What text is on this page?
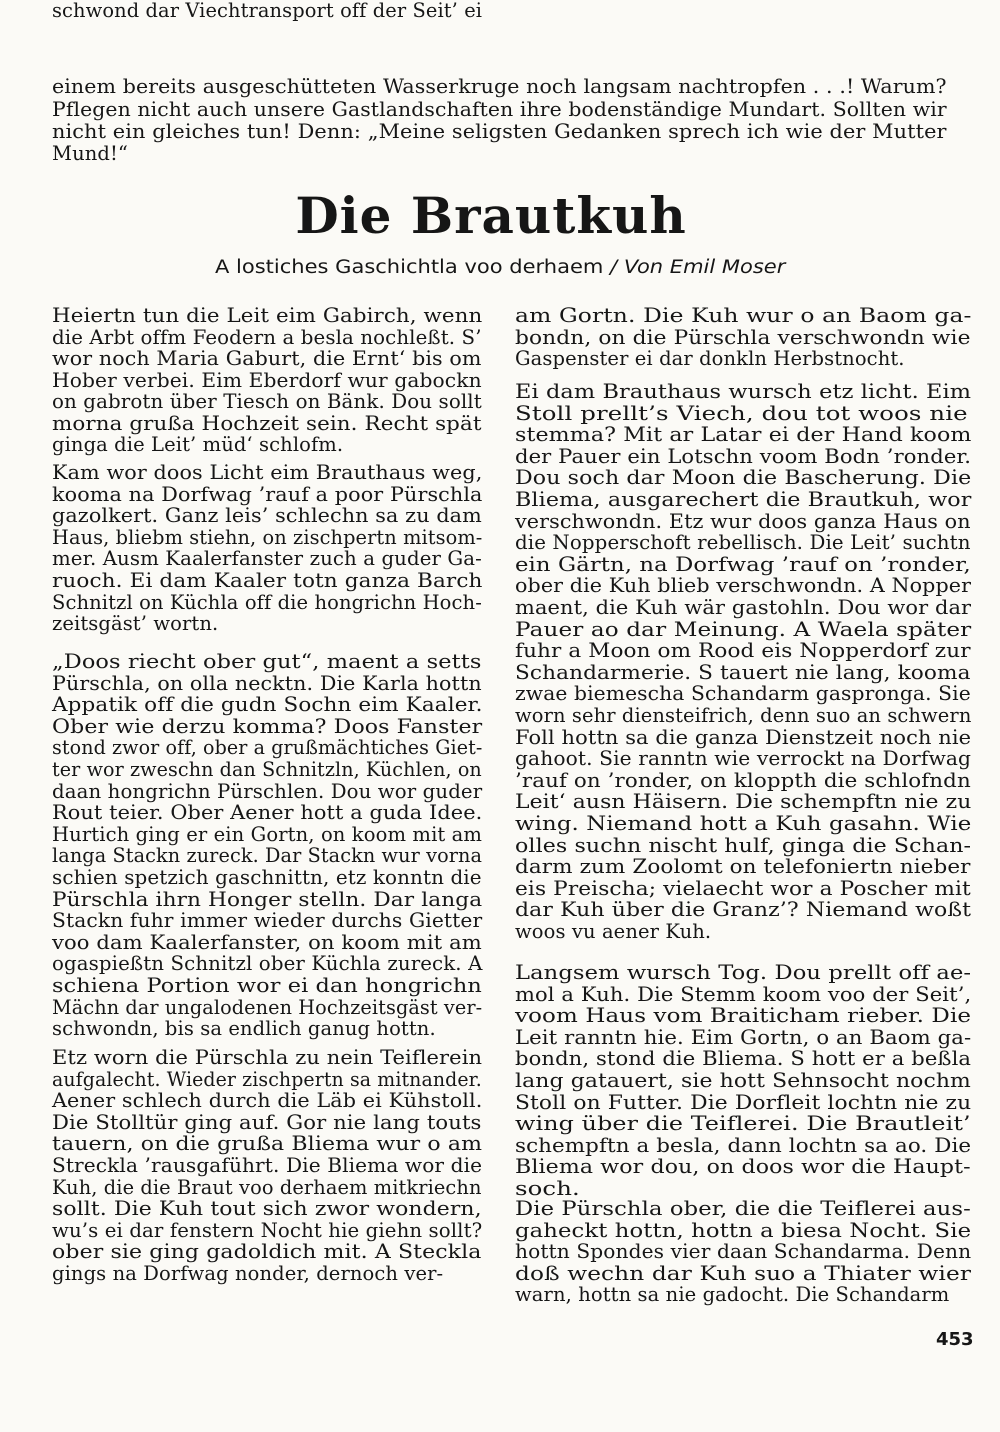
einem bereits ausgeschütteten Wasserkruge noch langsam nachtropfen . . .! Warum?
Pflegen nicht auch unsere Gastlandschaften ihre bodenständige Mundart. Sollten wir
nicht ein gleiches tun! Denn: „Meine seligsten Gedanken sprech ich wie der Mutter
Mund!“
Die Brautkuh
A lostiches Gaschichtla voo derhaem / Von Emil Moser
Heiertn tun die Leit eim Gabirch, wenn
die Arbt offm Feodern a besla nochleßt. S’
wor noch Maria Gaburt, die Ernt‘ bis om
Hober verbei. Eim Eberdorf wur gabockn
on gabrotn über Tiesch on Bänk. Dou sollt
morna grußa Hochzeit sein. Recht spät
ginga die Leit’ müd‘ schlofm.
Kam wor doos Licht eim Brauthaus weg,
kooma na Dorfwag ’rauf a poor Pürschla
gazolkert. Ganz leis’ schlechn sa zu dam
Haus, bliebm stiehn, on zischpertn mitsom-
mer. Ausm Kaalerfanster zuch a guder Ga-
ruoch. Ei dam Kaaler totn ganza Barch
Schnitzl on Küchla off die hongrichn Hoch-
zeitsgäst’ wortn.
„Doos riecht ober gut“, maent a setts
Pürschla, on olla necktn. Die Karla hottn
Appatik off die gudn Sochn eim Kaaler.
Ober wie derzu komma? Doos Fanster
stond zwor off, ober a grußmächtiches Giet-
ter wor zweschn dan Schnitzln, Küchlen, on
daan hongrichn Pürschlen. Dou wor guder
Rout teier. Ober Aener hott a guda Idee.
Hurtich ging er ein Gortn, on koom mit am
langa Stackn zureck. Dar Stackn wur vorna
schien spetzich gaschnittn, etz konntn die
Pürschla ihrn Honger stelln. Dar langa
Stackn fuhr immer wieder durchs Gietter
voo dam Kaalerfanster, on koom mit am
ogaspießtn Schnitzl ober Küchla zureck. A
schiena Portion wor ei dan hongrichn
Mächn dar ungalodenen Hochzeitsgäst ver-
schwondn, bis sa endlich ganug hottn.
Etz worn die Pürschla zu nein Teiflerein
aufgalecht. Wieder zischpertn sa mitnander.
Aener schlech durch die Läb ei Kühstoll.
Die Stolltür ging auf. Gor nie lang touts
tauern, on die grußa Bliema wur o am
Streckla ’rausgaführt. Die Bliema wor die
Kuh, die die Braut voo derhaem mitkriechn
sollt. Die Kuh tout sich zwor wondern,
wu’s ei dar fenstern Nocht hie giehn sollt?
ober sie ging gadoldich mit. A Steckla
gings na Dorfwag nonder, dernoch ver-
schwond dar Viechtransport off der Seit’ ei
am Gortn. Die Kuh wur o an Baom ga-
bondn, on die Pürschla verschwondn wie
Gaspenster ei dar donkln Herbstnocht.
Ei dam Brauthaus wursch etz licht. Eim
Stoll prellt’s Viech, dou tot woos nie
stemma? Mit ar Latar ei der Hand koom
der Pauer ein Lotschn voom Bodn ’ronder.
Dou soch dar Moon die Bascherung. Die
Bliema, ausgarechert die Brautkuh, wor
verschwondn. Etz wur doos ganza Haus on
die Nopperschoft rebellisch. Die Leit’ suchtn
ein Gärtn, na Dorfwag ’rauf on ’ronder,
ober die Kuh blieb verschwondn. A Nopper
maent, die Kuh wär gastohln. Dou wor dar
Pauer ao dar Meinung. A Waela später
fuhr a Moon om Rood eis Nopperdorf zur
Schandarmerie. S tauert nie lang, kooma
zwae biemescha Schandarm gaspronga. Sie
worn sehr diensteifrich, denn suo an schwern
Foll hottn sa die ganza Dienstzeit noch nie
gahoot. Sie ranntn wie verrockt na Dorfwag
’rauf on ’ronder, on kloppth die schlofndn
Leit‘ ausn Häisern. Die schempftn nie zu
wing. Niemand hott a Kuh gasahn. Wie
olles suchn nischt hulf, ginga die Schan-
darm zum Zoolomt on telefoniertn nieber
eis Preischa; vielaecht wor a Poscher mit
dar Kuh über die Granz’? Niemand woßt
woos vu aener Kuh.
Langsem wursch Tog. Dou prellt off ae-
mol a Kuh. Die Stemm koom voo der Seit’,
voom Haus vom Braiticham rieber. Die
Leit ranntn hie. Eim Gortn, o an Baom ga-
bondn, stond die Bliema. S hott er a beßla
lang gatauert, sie hott Sehnsocht nochm
Stoll on Futter. Die Dorfleit lochtn nie zu
wing über die Teiflerei. Die Brautleit’
schempftn a besla, dann lochtn sa ao. Die
Bliema wor dou, on doos wor die Haupt-
soch.
Die Pürschla ober, die die Teiflerei aus-
gaheckt hottn, hottn a biesa Nocht. Sie
hottn Spondes vier daan Schandarma. Denn
doß wechn dar Kuh suo a Thiater wier
warn, hottn sa nie gadocht. Die Schandarm
453
